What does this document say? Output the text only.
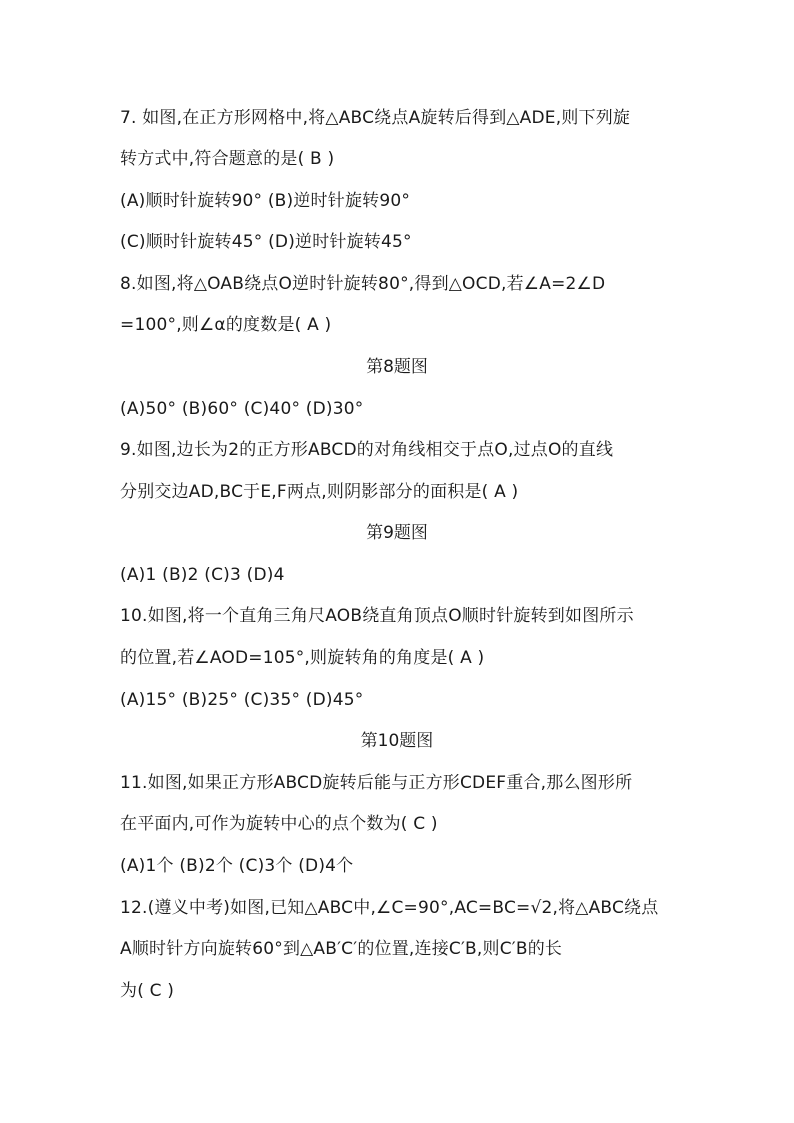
7. 如图,在正方形网格中,将△ABC绕点A旋转后得到△ADE,则下列旋
转方式中,符合题意的是( B )
(A)顺时针旋转90° (B)逆时针旋转90°
(C)顺时针旋转45° (D)逆时针旋转45°
8.如图,将△OAB绕点O逆时针旋转80°,得到△OCD,若∠A=2∠D
=100°,则∠α的度数是( A )
第8题图
(A)50° (B)60° (C)40° (D)30°
9.如图,边长为2的正方形ABCD的对角线相交于点O,过点O的直线
分别交边AD,BC于E,F两点,则阴影部分的面积是( A )
第9题图
(A)1 (B)2 (C)3 (D)4
10.如图,将一个直角三角尺AOB绕直角顶点O顺时针旋转到如图所示
的位置,若∠AOD=105°,则旋转角的角度是( A )
(A)15° (B)25° (C)35° (D)45°
第10题图
11.如图,如果正方形ABCD旋转后能与正方形CDEF重合,那么图形所
在平面内,可作为旋转中心的点个数为( C )
(A)1个 (B)2个 (C)3个 (D)4个
12.(遵义中考)如图,已知△ABC中,∠C=90°,AC=BC=√2,将△ABC绕点
A顺时针方向旋转60°到△AB′C′的位置,连接C′B,则C′B的长
为( C )
